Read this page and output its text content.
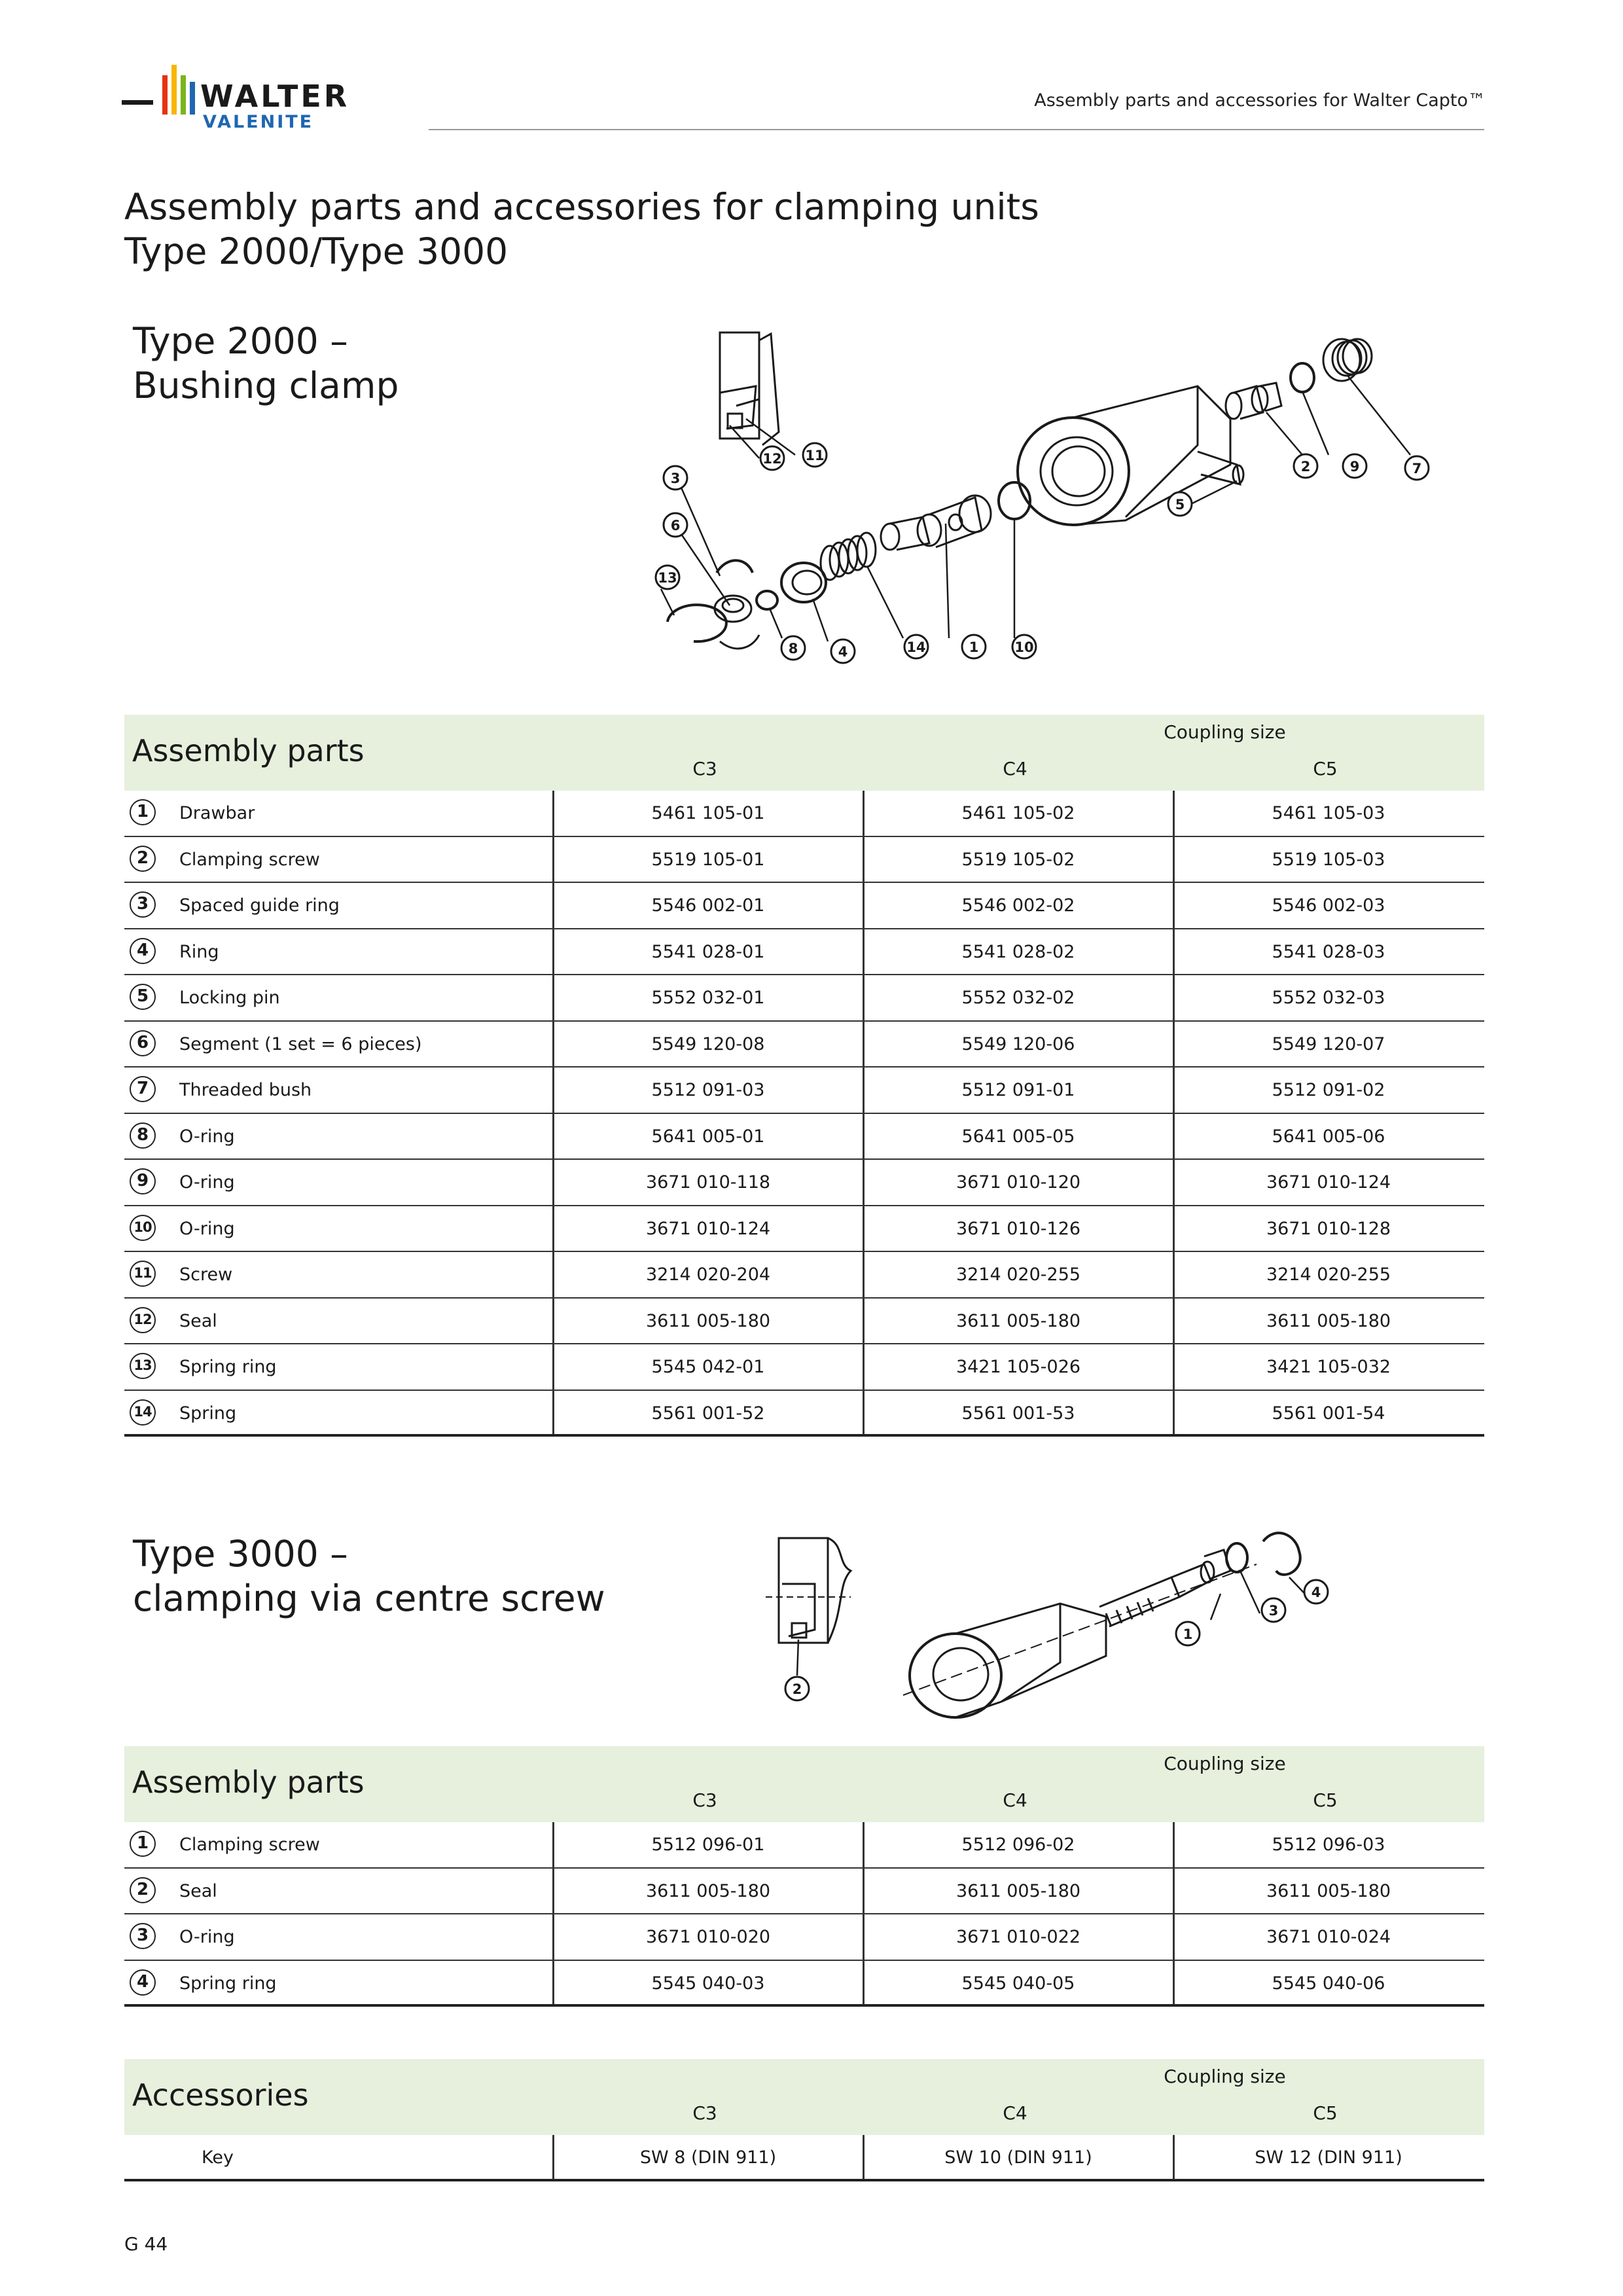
WALTER
VALENITE
Assembly parts and accessories for Walter Capto™
Assembly parts and accessories for clamping units
Type 2000/Type 3000
Type 2000 –
Bushing clamp
12 11
3
6
13
8	4	14	1	10
5
2	9	7
Assembly parts
Coupling size
C3	C4	C5
1	Drawbar	5461 105-01	5461 105-02	5461 105-03
2	Clamping screw	5519 105-01	5519 105-02	5519 105-03
3	Spaced guide ring	5546 002-01	5546 002-02	5546 002-03
4	Ring	5541 028-01	5541 028-02	5541 028-03
5	Locking pin	5552 032-01	5552 032-02	5552 032-03
6	Segment (1 set = 6 pieces)	5549 120-08	5549 120-06	5549 120-07
7	Threaded bush	5512 091-03	5512 091-01	5512 091-02
8	O-ring	5641 005-01	5641 005-05	5641 005-06
9	O-ring	3671 010-118	3671 010-120	3671 010-124
10 O-ring	3671 010-124	3671 010-126	3671 010-128
11 Screw	3214 020-204	3214 020-255	3214 020-255
12 Seal	3611 005-180	3611 005-180	3611 005-180
13 Spring ring	5545 042-01	3421 105-026	3421 105-032
14 Spring	5561 001-52	5561 001-53	5561 001-54
Type 3000 –
clamping via centre screw
2
1
3
4
Assembly parts
Coupling size
C3	C4	C5
1	Clamping screw	5512 096-01	5512 096-02	5512 096-03
2	Seal	3611 005-180	3611 005-180	3611 005-180
3	O-ring	3671 010-020	3671 010-022	3671 010-024
4	Spring ring	5545 040-03	5545 040-05	5545 040-06
Accessories
Coupling size
C3	C4	C5
Key	SW 8 (DIN 911)	SW 10 (DIN 911)	SW 12 (DIN 911)
G 44
